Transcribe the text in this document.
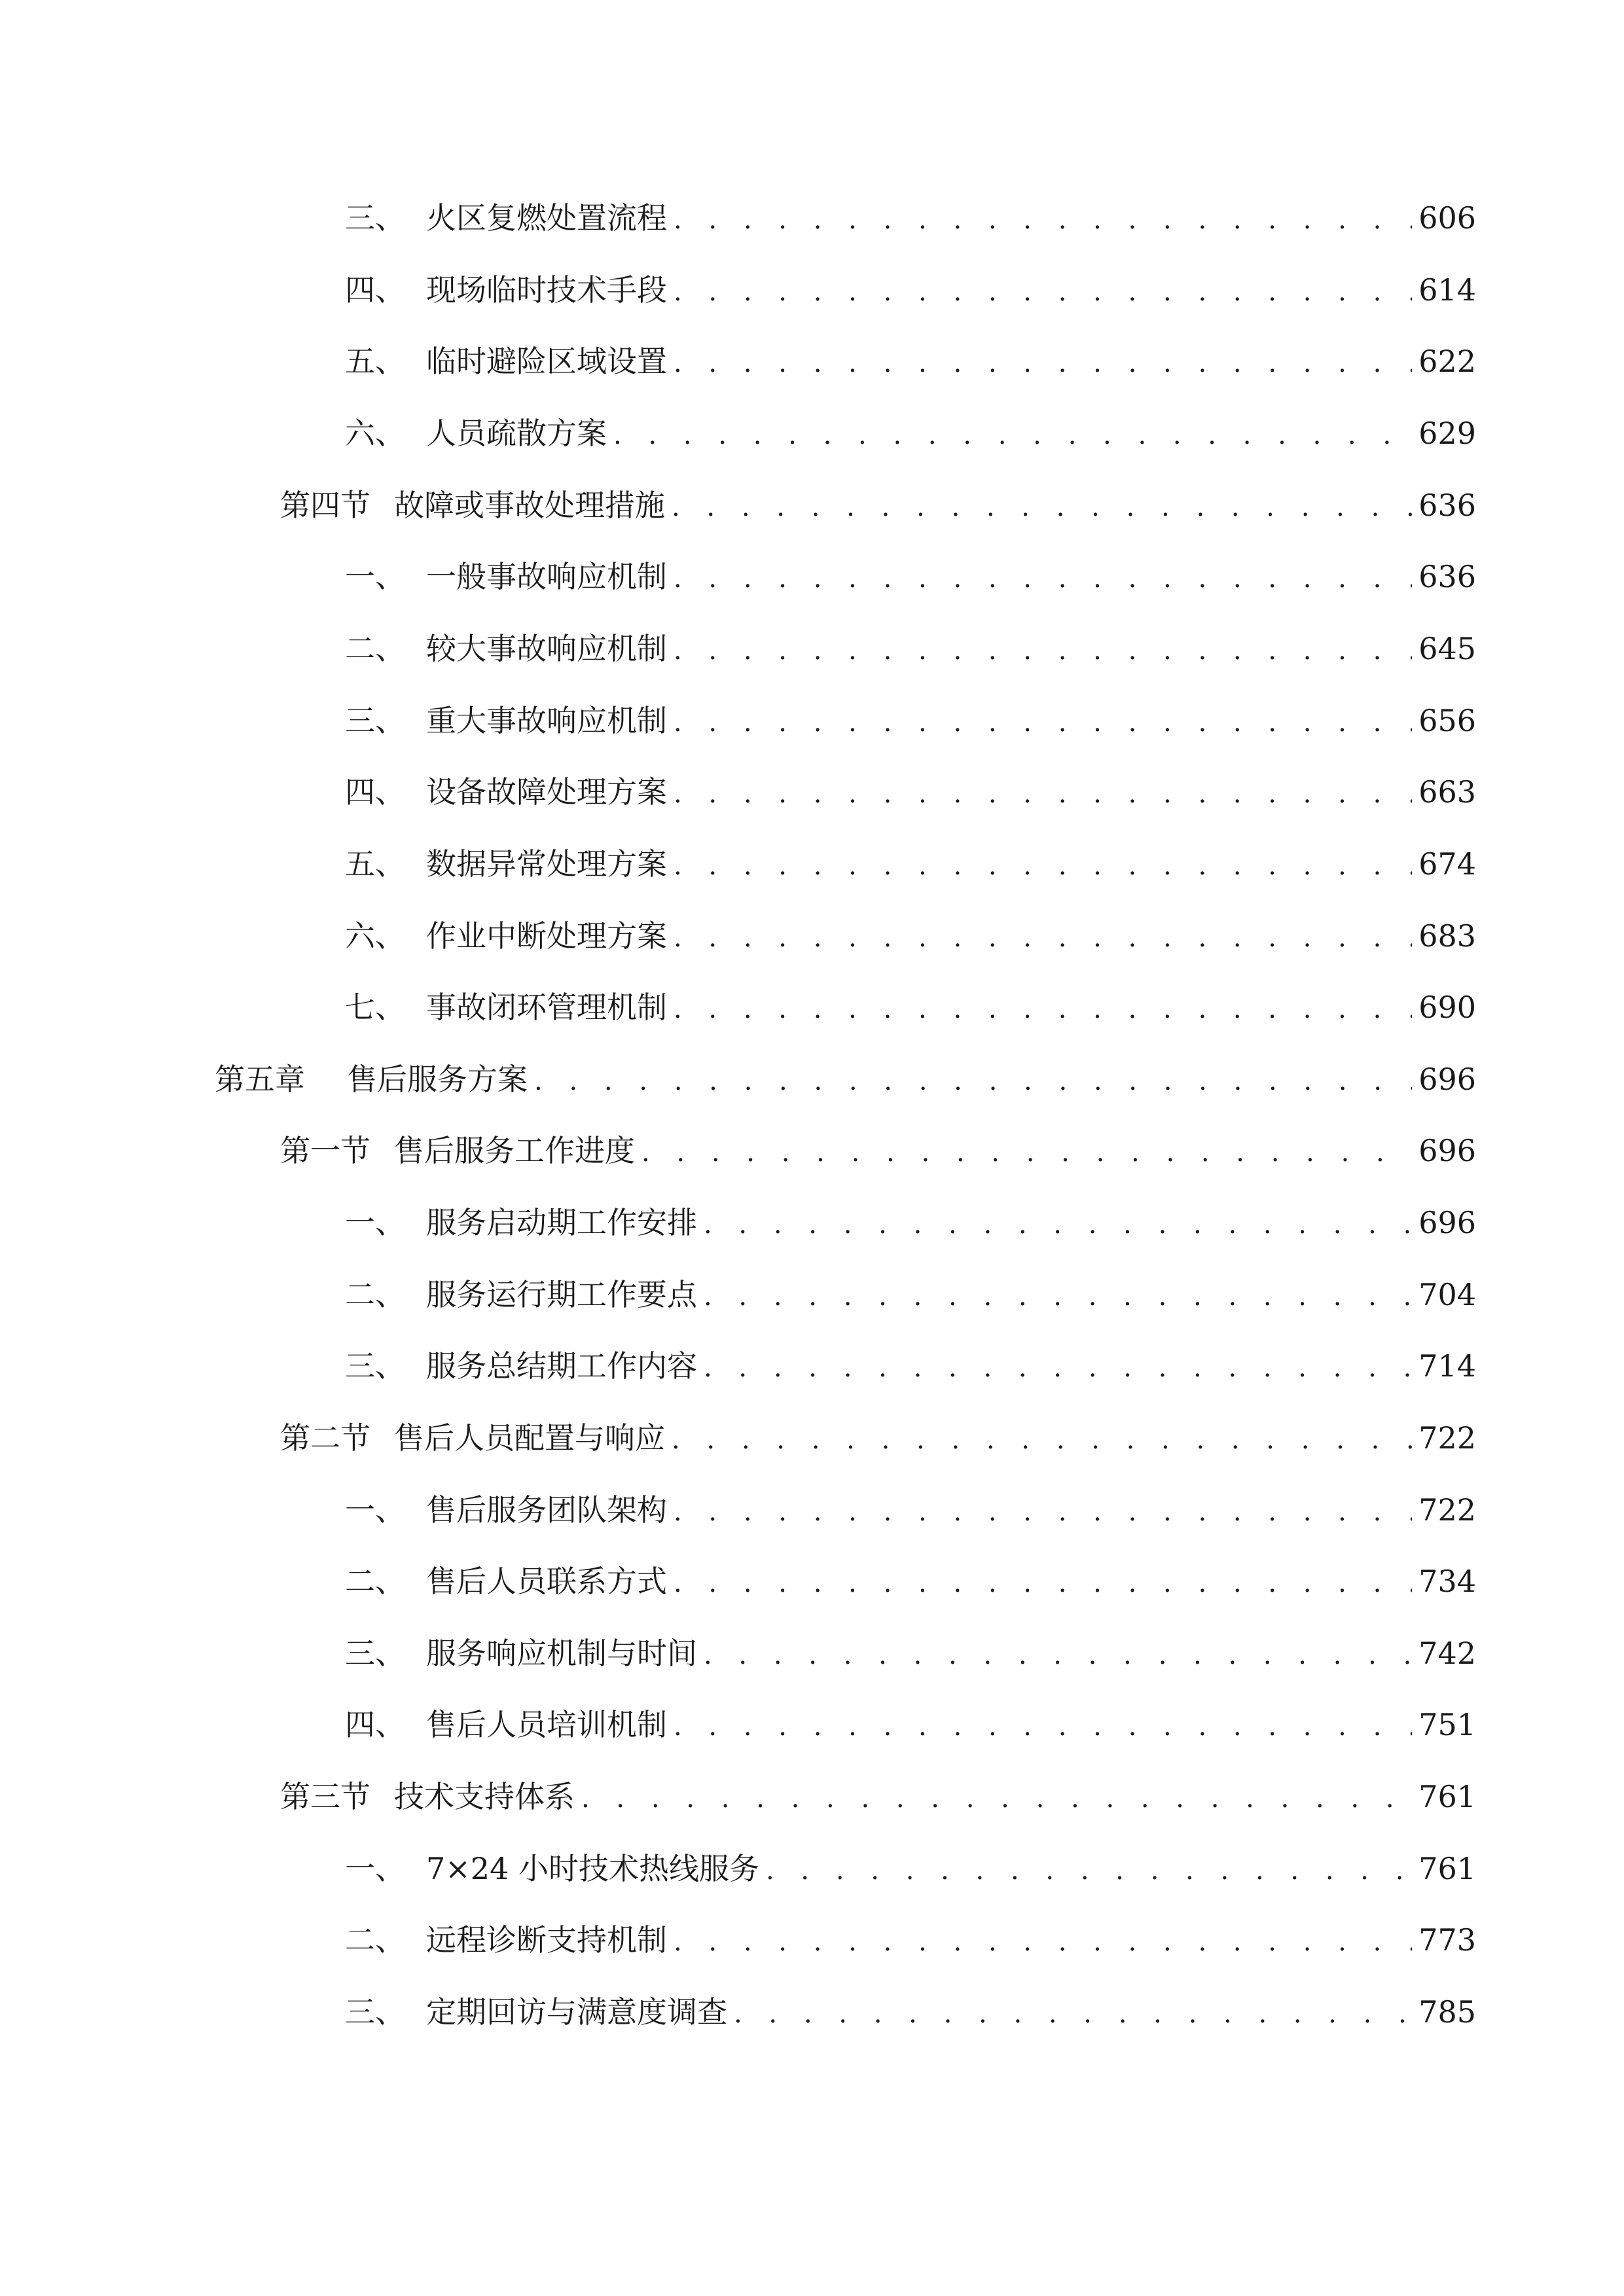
三、 火区复燃处置流程 . . .	606
四、 现场临时技术手段 . . .	614
五、 临时避险区域设置 . . .	622
六、 人员疏散方案 . . .	629
第四节 故障或事故处理措施 . . .	636
一、 一般事故响应机制 . . .	636
二、 较大事故响应机制 . . .	645
三、 重大事故响应机制 . . .	656
四、 设备故障处理方案 . . .	663
五、 数据异常处理方案 . . .	674
六、 作业中断处理方案 . . .	683
七、 事故闭环管理机制 . . .	690
第五章	售后服务方案 . . .	696
第一节 售后服务工作进度 . . .	696
一、 服务启动期工作安排 . . .	696
二、 服务运行期工作要点 . . .	704
三、 服务总结期工作内容 . . .	714
第二节 售后人员配置与响应 . . .	722
一、 售后服务团队架构 . . .	722
二、 售后人员联系方式 . . .	734
三、 服务响应机制与时间 . . .	742
四、 售后人员培训机制 . . .	751
第三节 技术支持体系 . . .	761
一、 7×24 小时技术热线服务 . . .	761
二、 远程诊断支持机制 . . .	773
三、 定期回访与满意度调查 . . .	785
